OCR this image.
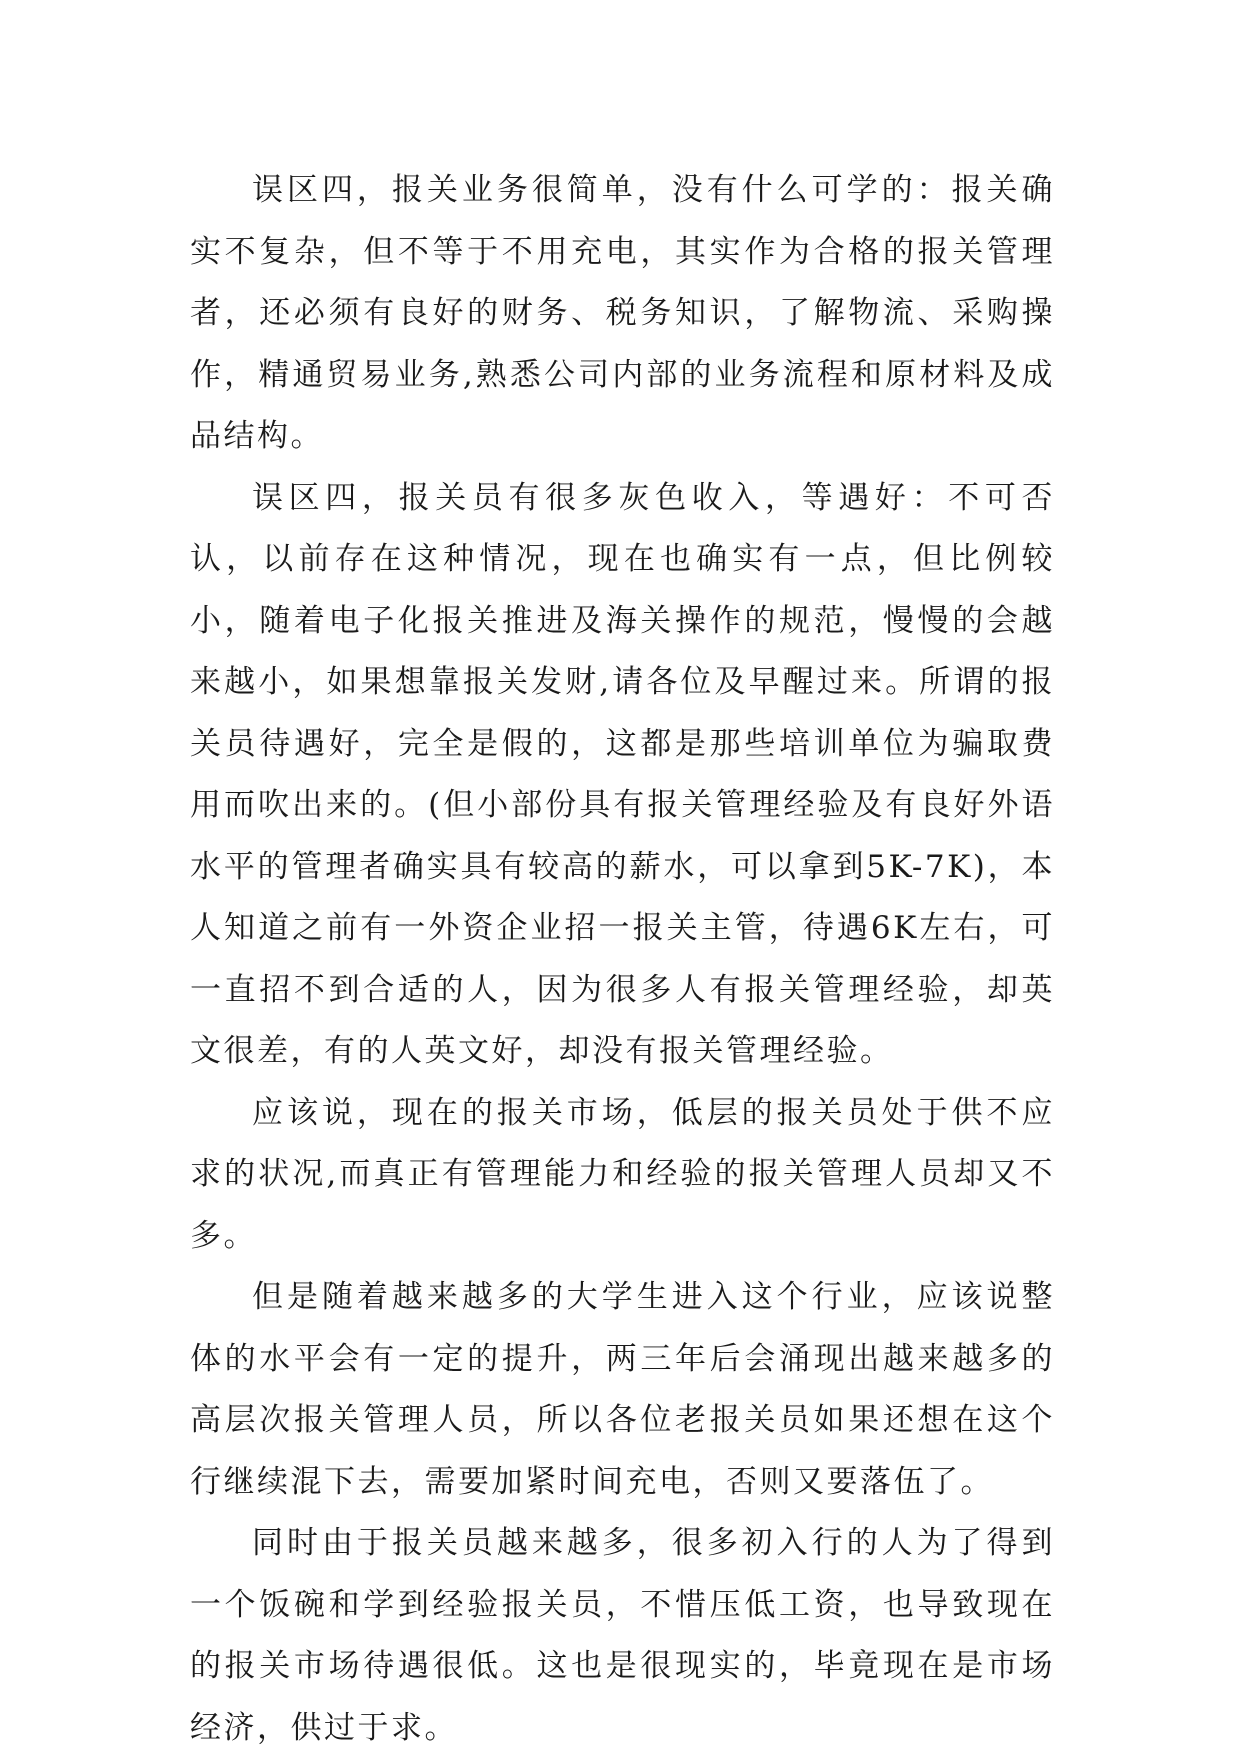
误区四，报关业务很简单，没有什么可学的：报关确实不复杂，但不等于不用充电，其实作为合格的报关管理者，还必须有良好的财务、税务知识，了解物流、采购操作，精通贸易业务,熟悉公司内部的业务流程和原材料及成品结构。

误区四，报关员有很多灰色收入，等遇好：不可否认，以前存在这种情况，现在也确实有一点，但比例较小，随着电子化报关推进及海关操作的规范，慢慢的会越来越小，如果想靠报关发财,请各位及早醒过来。所谓的报关员待遇好，完全是假的，这都是那些培训单位为骗取费用而吹出来的。(但小部份具有报关管理经验及有良好外语水平的管理者确实具有较高的薪水，可以拿到5K-7K)，本人知道之前有一外资企业招一报关主管，待遇6K左右，可一直招不到合适的人，因为很多人有报关管理经验，却英文很差，有的人英文好，却没有报关管理经验。

应该说，现在的报关市场，低层的报关员处于供不应求的状况,而真正有管理能力和经验的报关管理人员却又不多。

但是随着越来越多的大学生进入这个行业，应该说整体的水平会有一定的提升，两三年后会涌现出越来越多的高层次报关管理人员，所以各位老报关员如果还想在这个行继续混下去，需要加紧时间充电，否则又要落伍了。

同时由于报关员越来越多，很多初入行的人为了得到一个饭碗和学到经验报关员，不惜压低工资，也导致现在的报关市场待遇很低。这也是很现实的，毕竟现在是市场经济，供过于求。
